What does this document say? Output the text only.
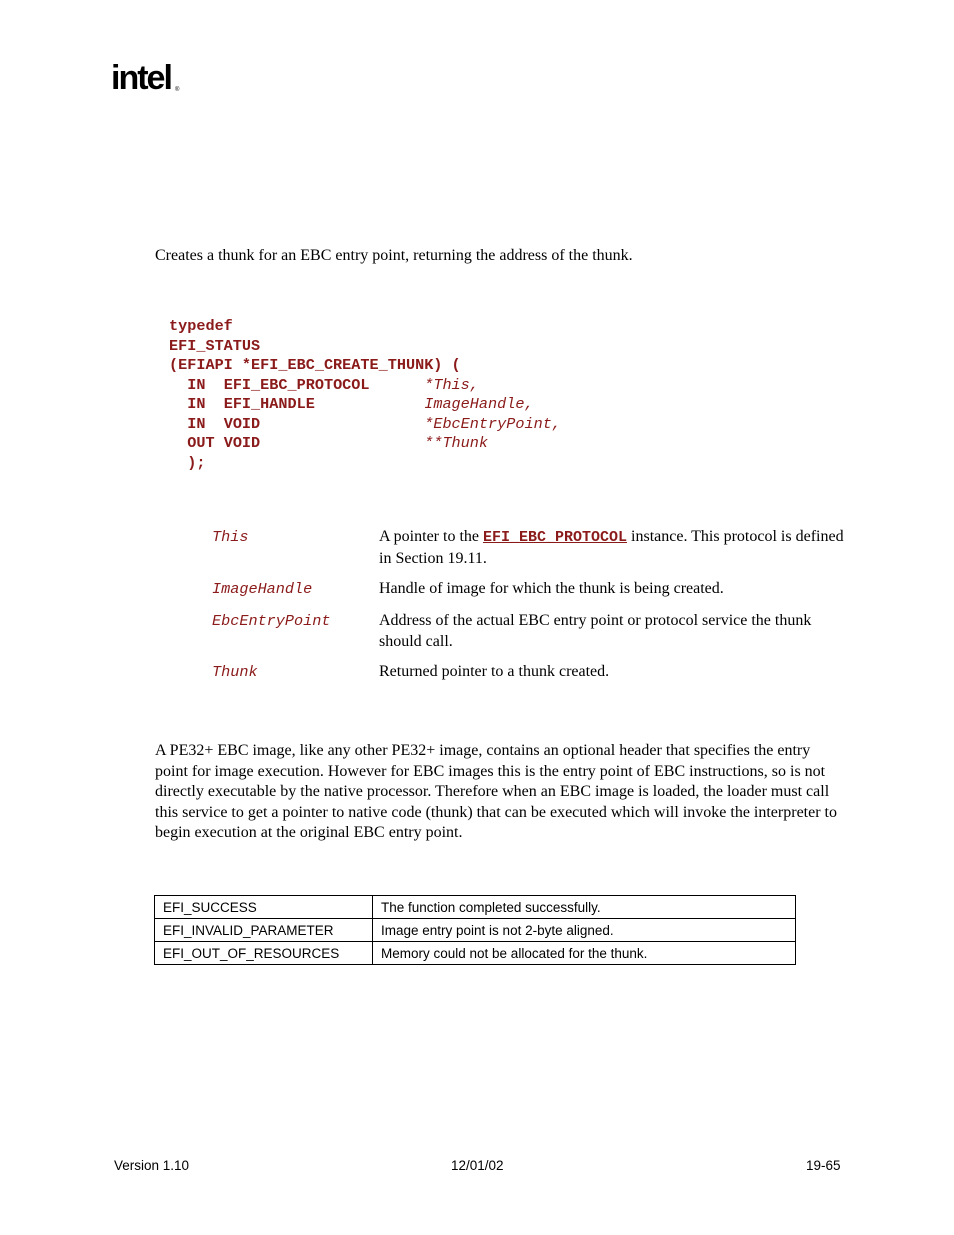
intel ®
Creates a thunk for an EBC entry point, returning the address of the thunk.
typedef
EFI_STATUS
(EFIAPI *EFI_EBC_CREATE_THUNK) (
IN  EFI_EBC_PROTOCOL      *This,
IN  EFI_HANDLE            ImageHandle,
IN  VOID                  *EbcEntryPoint,
OUT VOID                  **Thunk
);
This	A pointer to the EFI_EBC_PROTOCOL instance. This protocol is defined in Section 19.11.
ImageHandle	Handle of image for which the thunk is being created.
EbcEntryPoint	Address of the actual EBC entry point or protocol service the thunk should call.
Thunk	Returned pointer to a thunk created.
A PE32+ EBC image, like any other PE32+ image, contains an optional header that specifies the entry point for image execution. However for EBC images this is the entry point of EBC instructions, so is not directly executable by the native processor. Therefore when an EBC image is loaded, the loader must call this service to get a pointer to native code (thunk) that can be executed which will invoke the interpreter to begin execution at the original EBC entry point.
EFI_SUCCESS	The function completed successfully.
EFI_INVALID_PARAMETER	Image entry point is not 2-byte aligned.
EFI_OUT_OF_RESOURCES	Memory could not be allocated for the thunk.
Version 1.10	12/01/02	19-65
